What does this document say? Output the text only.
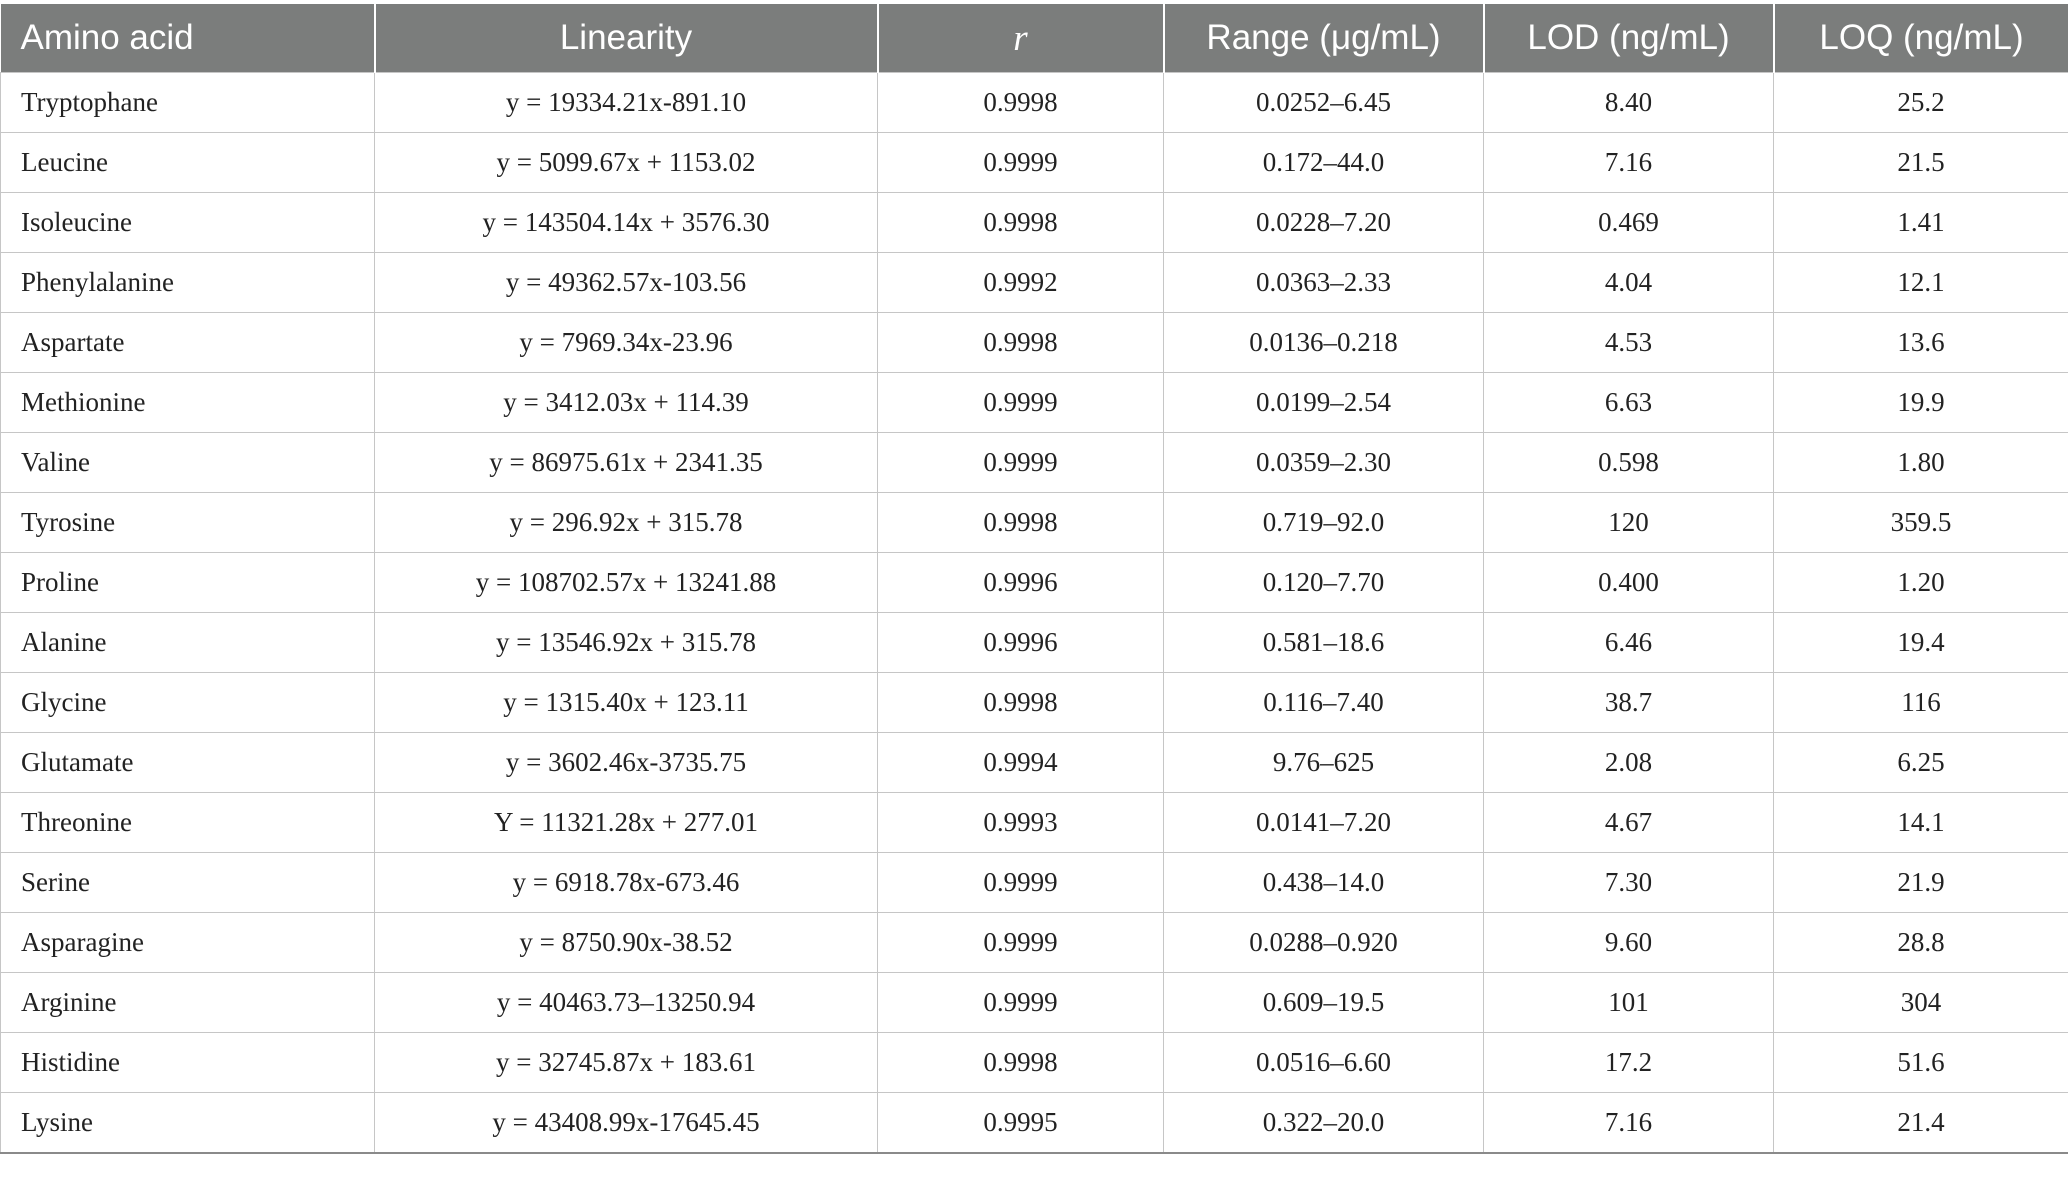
Amino acid	Linearity	r	Range (μg/mL)	LOD (ng/mL)	LOQ (ng/mL)
Tryptophane	y = 19334.21x-891.10	0.9998	0.0252–6.45	8.40	25.2
Leucine	y = 5099.67x + 1153.02	0.9999	0.172–44.0	7.16	21.5
Isoleucine	y = 143504.14x + 3576.30	0.9998	0.0228–7.20	0.469	1.41
Phenylalanine	y = 49362.57x-103.56	0.9992	0.0363–2.33	4.04	12.1
Aspartate	y = 7969.34x-23.96	0.9998	0.0136–0.218	4.53	13.6
Methionine	y = 3412.03x + 114.39	0.9999	0.0199–2.54	6.63	19.9
Valine	y = 86975.61x + 2341.35	0.9999	0.0359–2.30	0.598	1.80
Tyrosine	y = 296.92x + 315.78	0.9998	0.719–92.0	120	359.5
Proline	y = 108702.57x + 13241.88	0.9996	0.120–7.70	0.400	1.20
Alanine	y = 13546.92x + 315.78	0.9996	0.581–18.6	6.46	19.4
Glycine	y = 1315.40x + 123.11	0.9998	0.116–7.40	38.7	116
Glutamate	y = 3602.46x-3735.75	0.9994	9.76–625	2.08	6.25
Threonine	Y = 11321.28x + 277.01	0.9993	0.0141–7.20	4.67	14.1
Serine	y = 6918.78x-673.46	0.9999	0.438–14.0	7.30	21.9
Asparagine	y = 8750.90x-38.52	0.9999	0.0288–0.920	9.60	28.8
Arginine	y = 40463.73–13250.94	0.9999	0.609–19.5	101	304
Histidine	y = 32745.87x + 183.61	0.9998	0.0516–6.60	17.2	51.6
Lysine	y = 43408.99x-17645.45	0.9995	0.322–20.0	7.16	21.4
